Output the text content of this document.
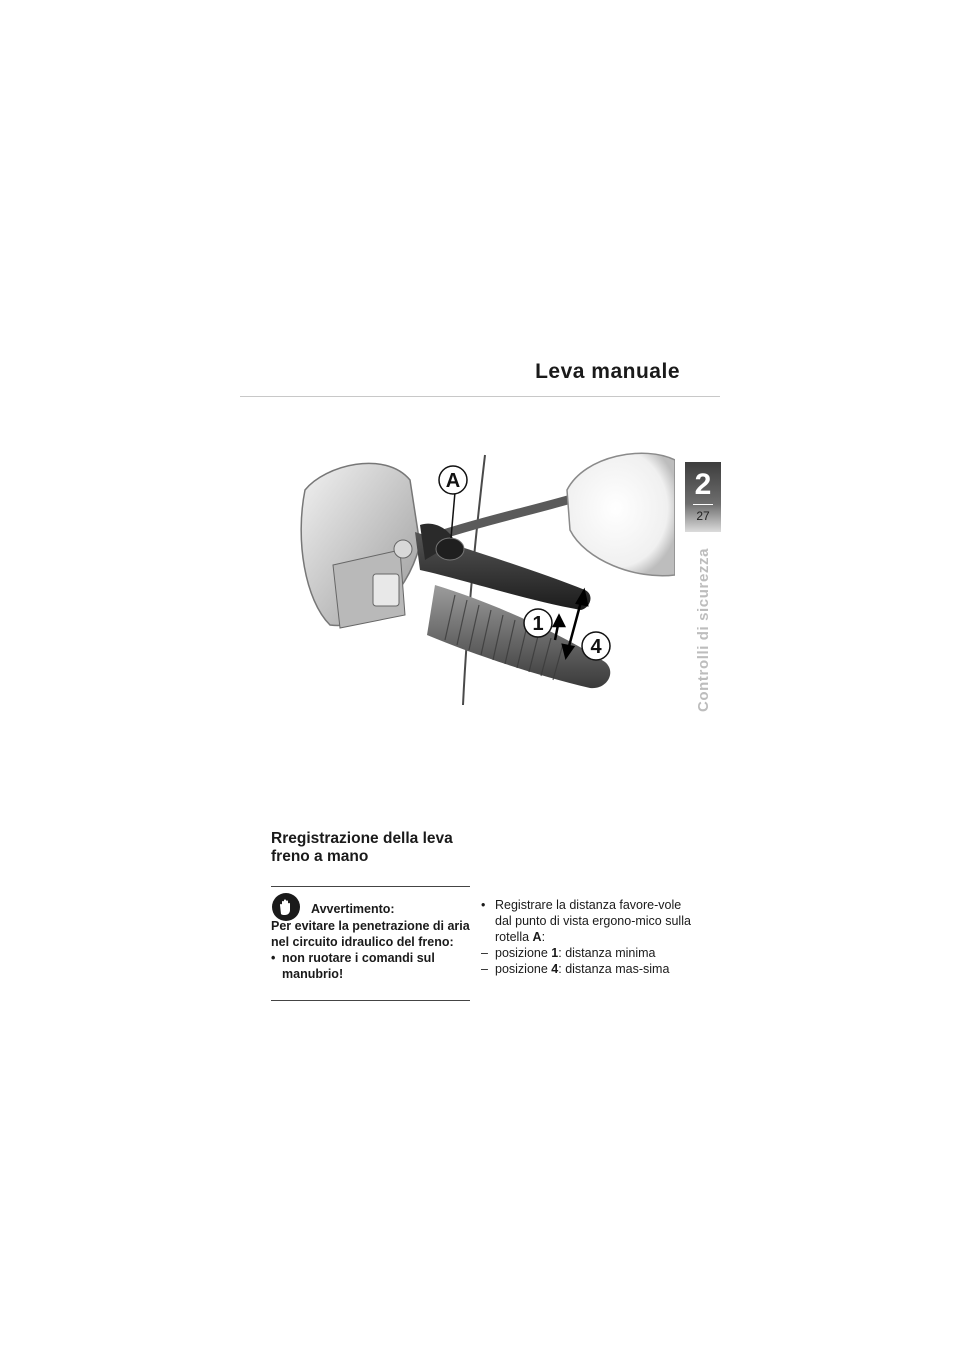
Leva manuale
2
27
Controlli di sicurezza
A
1
4
Rregistrazione della leva
freno a mano
Avvertimento:
Per evitare la penetrazione di aria nel circuito idraulico del freno:
• non ruotare i comandi sul manubrio!
• Registrare la distanza favore-vole dal punto di vista ergono-mico sulla rotella A:
– posizione 1: distanza minima
– posizione 4: distanza mas-sima
